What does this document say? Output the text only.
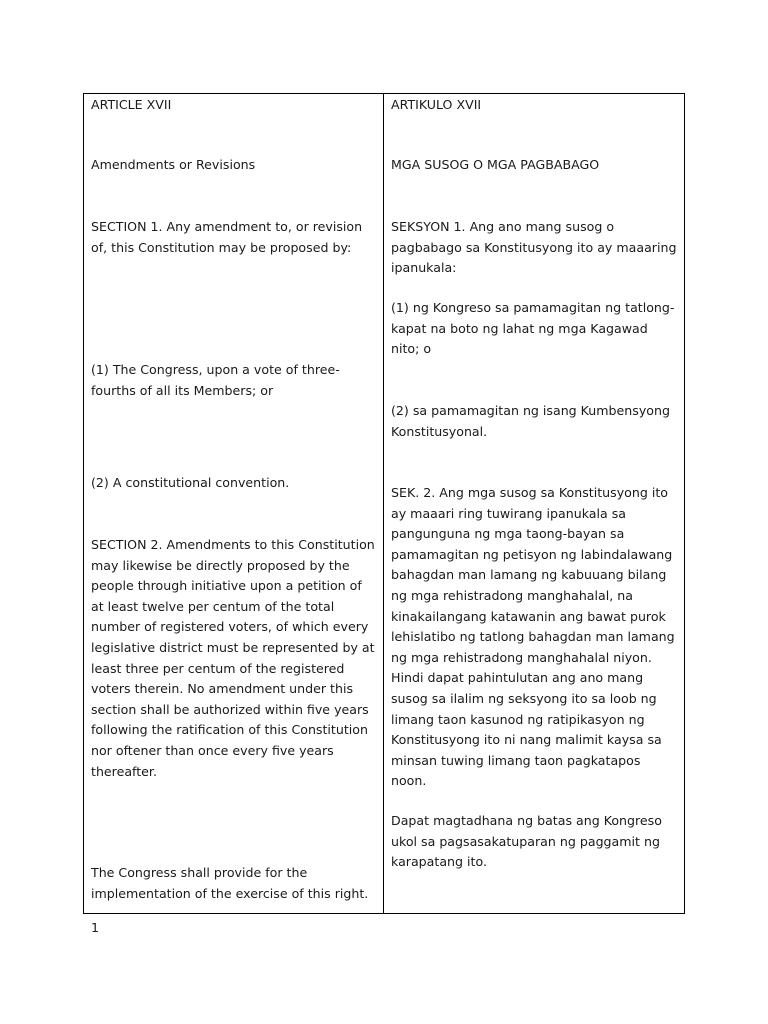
ARTICLE XVII

Amendments or Revisions

SECTION 1. Any amendment to, or revision of, this Constitution may be proposed by:

(1) The Congress, upon a vote of three-fourths of all its Members; or

(2) A constitutional convention.

SECTION 2. Amendments to this Constitution may likewise be directly proposed by the people through initiative upon a petition of at least twelve per centum of the total number of registered voters, of which every legislative district must be represented by at least three per centum of the registered voters therein. No amendment under this section shall be authorized within five years following the ratification of this Constitution nor oftener than once every five years thereafter.

The Congress shall provide for the implementation of the exercise of this right.

ARTIKULO XVII

MGA SUSOG O MGA PAGBABAGO

SEKSYON 1. Ang ano mang susog o pagbabago sa Konstitusyong ito ay maaaring ipanukala:

(1) ng Kongreso sa pamamagitan ng tatlong-kapat na boto ng lahat ng mga Kagawad nito; o

(2) sa pamamagitan ng isang Kumbensyong Konstitusyonal.

SEK. 2. Ang mga susog sa Konstitusyong ito ay maaari ring tuwirang ipanukala sa pangunguna ng mga taong-bayan sa pamamagitan ng petisyon ng labindalawang bahagdan man lamang ng kabuuang bilang ng mga rehistradong manghahalal, na kinakailangang katawanin ang bawat purok lehislatibo ng tatlong bahagdan man lamang ng mga rehistradong manghahalal niyon. Hindi dapat pahintulutan ang ano mang susog sa ilalim ng seksyong ito sa loob ng limang taon kasunod ng ratipikasyon ng Konstitusyong ito ni nang malimit kaysa sa minsan tuwing limang taon pagkatapos noon.

Dapat magtadhana ng batas ang Kongreso ukol sa pagsasakatuparan ng paggamit ng karapatang ito.

1
